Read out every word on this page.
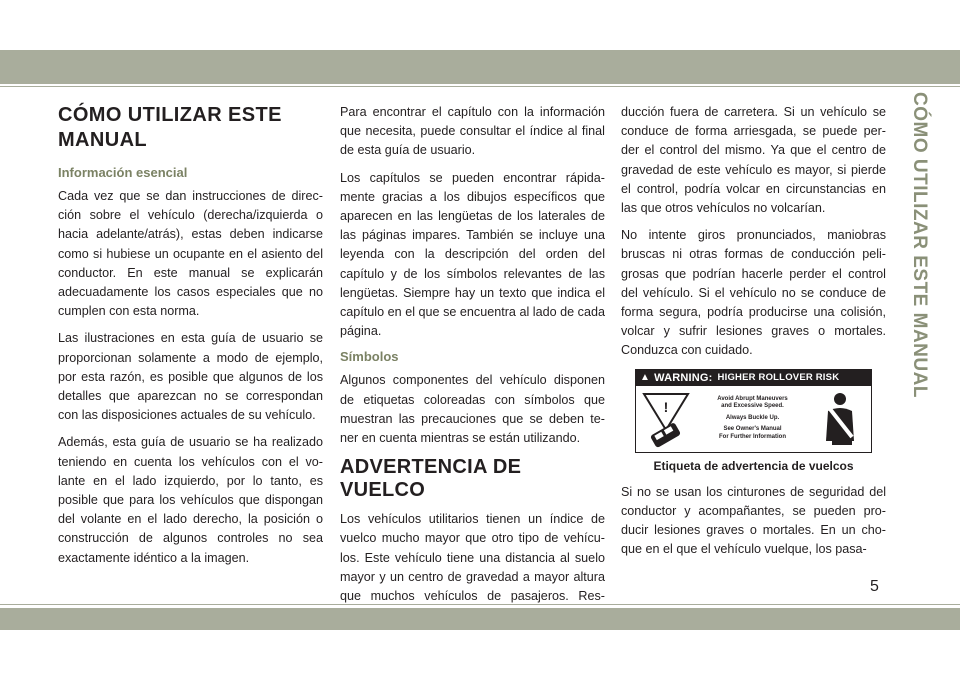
CÓMO UTILIZAR ESTE MANUAL
CÓMO UTILIZAR ESTE
MANUAL
Información esencial

Cada vez que se dan instrucciones de direc-ción sobre el vehículo (derecha/izquierda o hacia adelante/atrás), estas deben indicarse como si hubiese un ocupante en el asiento del conductor. En este manual se explicarán adecuadamente los casos especiales que no cumplen con esta norma.

Las ilustraciones en esta guía de usuario se proporcionan solamente a modo de ejemplo, por esta razón, es posible que algunos de los detalles que aparezcan no se correspondan con las disposiciones actuales de su vehículo.

Además, esta guía de usuario se ha realizado teniendo en cuenta los vehículos con el vo-lante en el lado izquierdo, por lo tanto, es posible que para los vehículos que dispongan del volante en el lado derecho, la posición o construcción de algunos controles no sea exactamente idéntico a la imagen.

Para encontrar el capítulo con la información que necesita, puede consultar el índice al final de esta guía de usuario.

Los capítulos se pueden encontrar rápida-mente gracias a los dibujos específicos que aparecen en las lengüetas de los laterales de las páginas impares. También se incluye una leyenda con la descripción del orden del capítulo y de los símbolos relevantes de las lengüetas. Siempre hay un texto que indica el capítulo en el que se encuentra al lado de cada página.

Símbolos

Algunos componentes del vehículo disponen de etiquetas coloreadas con símbolos que muestran las precauciones que se deben te-ner en cuenta mientras se están utilizando.

ADVERTENCIA DE VUELCO

Los vehículos utilitarios tienen un índice de vuelco mucho mayor que otro tipo de vehícu-los. Este vehículo tiene una distancia al suelo mayor y un centro de gravedad a mayor altura que muchos vehículos de pasajeros. Res-

ducción fuera de carretera. Si un vehículo se conduce de forma arriesgada, se puede per-der el control del mismo. Ya que el centro de gravedad de este vehículo es mayor, si pierde el control, podría volcar en circunstancias en las que otros vehículos no volcarían.

No intente giros pronunciados, maniobras bruscas ni otras formas de conducción peli-grosas que podrían hacerle perder el control del vehículo. Si el vehículo no se conduce de forma segura, podría producirse una colisión, volcar y sufrir lesiones graves o mortales. Conduzca con cuidado.

▲ WARNING: HIGHER ROLLOVER RISK
!	Avoid Abrupt Maneuvers
and Excessive Speed.
Always Buckle Up.
See Owner's Manual
For Further Information
Etiqueta de advertencia de vuelcos

Si no se usan los cinturones de seguridad del conductor y acompañantes, se pueden pro-ducir lesiones graves o mortales. En un cho-que en el que el vehículo vuelque, los pasa-

5
